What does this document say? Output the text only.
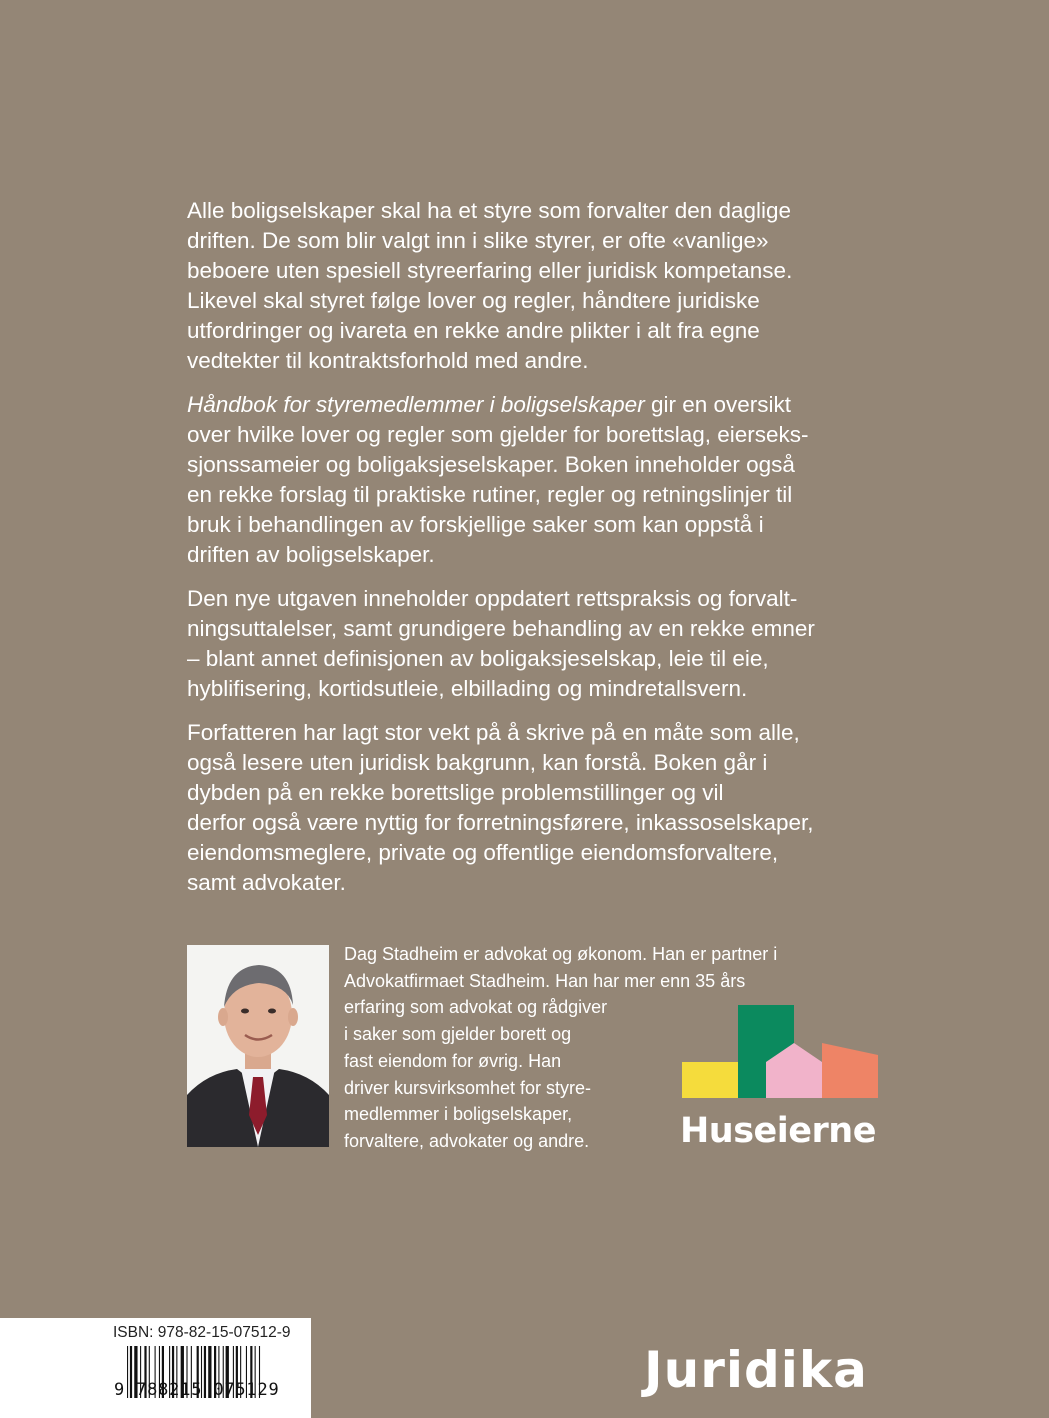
Alle boligselskaper skal ha et styre som forvalter den daglige
driften. De som blir valgt inn i slike styrer, er ofte «vanlige»
beboere uten spesiell styreerfaring eller juridisk kompetanse.
Likevel skal styret følge lover og regler, håndtere juridiske
utfordringer og ivareta en rekke andre plikter i alt fra egne
vedtekter til kontraktsforhold med andre.

Håndbok for styremedlemmer i boligselskaper gir en oversikt
over hvilke lover og regler som gjelder for borettslag, eierseks-
sjonssameier og boligaksjeselskaper. Boken inneholder også
en rekke forslag til praktiske rutiner, regler og retningslinjer til
bruk i behandlingen av forskjellige saker som kan oppstå i
driften av boligselskaper.

Den nye utgaven inneholder oppdatert rettspraksis og forvalt-
ningsuttalelser, samt grundigere behandling av en rekke emner
– blant annet definisjonen av boligaksjeselskap, leie til eie,
hyblifisering, kortidsutleie, elbillading og mindretallsvern.

Forfatteren har lagt stor vekt på å skrive på en måte som alle,
også lesere uten juridisk bakgrunn, kan forstå. Boken går i
dybden på en rekke borettslige problemstillinger og vil
derfor også være nyttig for forretningsførere, inkassoselskaper,
eiendomsmeglere, private og offentlige eiendomsforvaltere,
samt advokater.

Dag Stadheim er advokat og økonom. Han er partner i
Advokatfirmaet Stadheim. Han har mer enn 35 års
erfaring som advokat og rådgiver
i saker som gjelder borett og
fast eiendom for øvrig. Han
driver kursvirksomhet for styre-
medlemmer i boligselskaper,
forvaltere, advokater og andre.	Huseierne
ISBN: 978-82-15-07512-9
9 788215 075129	Juridika
